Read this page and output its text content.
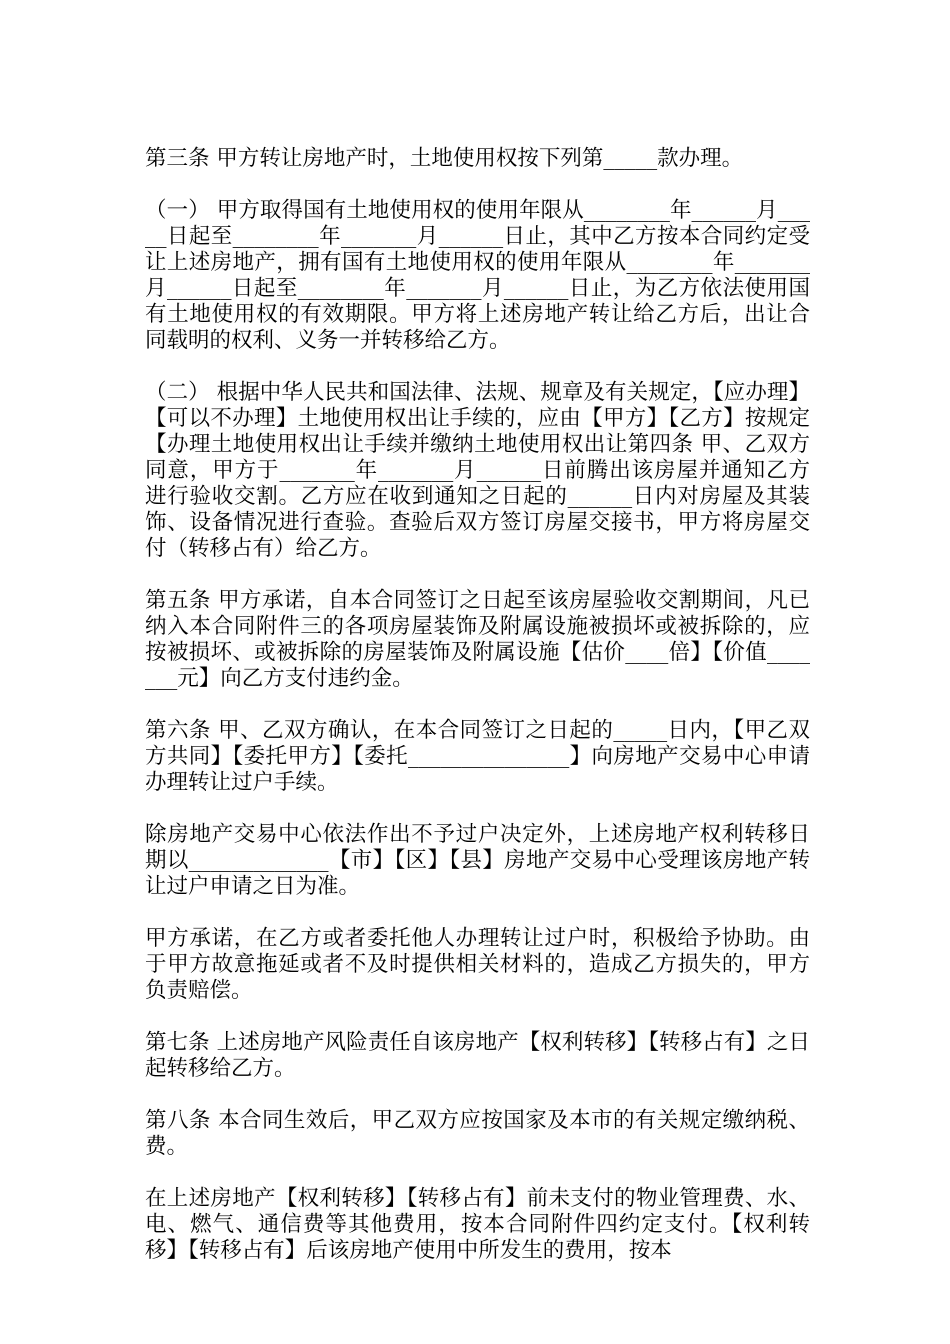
第三条 甲方转让房地产时，土地使用权按下列第_____款办理。

（一） 甲方取得国有土地使用权的使用年限从________年______月_____日起至________年_______月______日止，其中乙方按本合同约定受让上述房地产，拥有国有土地使用权的使用年限从________年_______月______日起至________年_______月______日止，为乙方依法使用国有土地使用权的有效期限。甲方将上述房地产转让给乙方后，出让合同载明的权利、义务一并转移给乙方。

（二） 根据中华人民共和国法律、法规、规章及有关规定，【应办理】【可以不办理】土地使用权出让手续的，应由【甲方】【乙方】按规定【办理土地使用权出让手续并缴纳土地使用权出让第四条 甲、乙双方同意，甲方于_______年_______月______日前腾出该房屋并通知乙方进行验收交割。乙方应在收到通知之日起的______日内对房屋及其装饰、设备情况进行查验。查验后双方签订房屋交接书，甲方将房屋交付（转移占有）给乙方。

第五条 甲方承诺，自本合同签订之日起至该房屋验收交割期间，凡已纳入本合同附件三的各项房屋装饰及附属设施被损坏或被拆除的，应按被损坏、或被拆除的房屋装饰及附属设施【估价____倍】【价值_______元】向乙方支付违约金。

第六条 甲、乙双方确认，在本合同签订之日起的_____日内，【甲乙双方共同】【委托甲方】【委托_______________】向房地产交易中心申请办理转让过户手续。

除房地产交易中心依法作出不予过户决定外，上述房地产权利转移日期以_____________【市】【区】【县】房地产交易中心受理该房地产转让过户申请之日为准。

甲方承诺，在乙方或者委托他人办理转让过户时，积极给予协助。由于甲方故意拖延或者不及时提供相关材料的，造成乙方损失的，甲方负责赔偿。

第七条 上述房地产风险责任自该房地产【权利转移】【转移占有】之日起转移给乙方。

第八条 本合同生效后，甲乙双方应按国家及本市的有关规定缴纳税、费。

在上述房地产【权利转移】【转移占有】前未支付的物业管理费、水、电、燃气、通信费等其他费用，按本合同附件四约定支付。【权利转移】【转移占有】后该房地产使用中所发生的费用，按本
